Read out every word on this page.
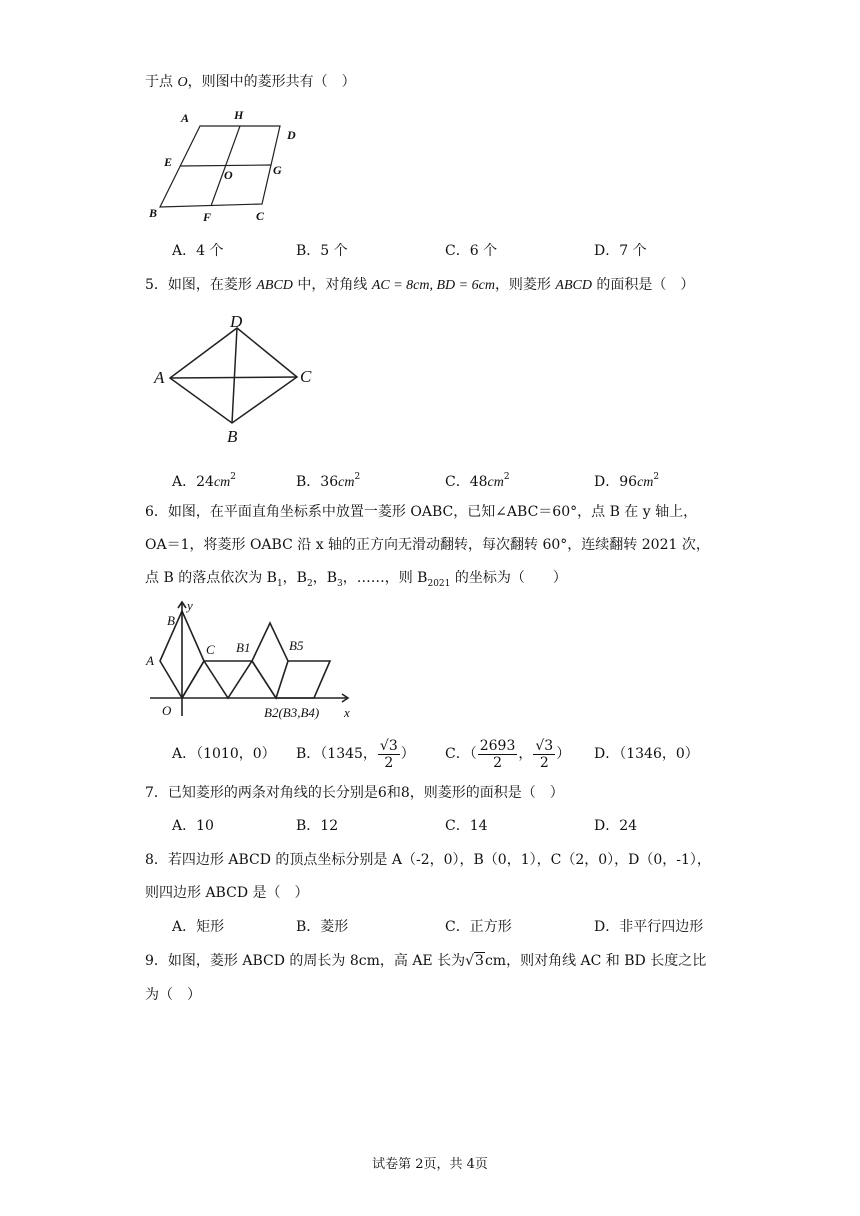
于点 O，则图中的菱形共有（　）
A	H
D
E
O	G
B	F	C
A．4 个	B．5 个	C．6 个	D．7 个
5．如图，在菱形 ABCD 中，对角线 AC = 8cm, BD = 6cm，则菱形 ABCD 的面积是（　）
D
A	C
B
A．$24cm^2$	B．$36cm^2$	C．$48cm^2$	D．$96cm^2$
6．如图，在平面直角坐标系中放置一菱形 OABC，已知∠ABC＝60°，点 B 在 y 轴上，
OA＝1，将菱形 OABC 沿 x 轴的正方向无滑动翻转，每次翻转 60°，连续翻转 2021 次，
点 B 的落点依次为 $B_1$，$B_2$，$B_3$，……，则 $B_{2021}$ 的坐标为（　　）
y
x
B
A
C
O
B1	B5
B2(B3,B4)
A．（1010，0） B．（1345， $\frac{√3}{2}$ ） C．（ $\frac{2693}{2}$ ， $\frac{√3}{2}$ ） D．（1346，0）
7．已知菱形的两条对角线的长分别是6和8，则菱形的面积是（　）
A．10	B．12	C．14	D．24
8．若四边形 ABCD 的顶点坐标分别是 A（-2，0），B（0，1），C（2，0），D（0，-1），
则四边形 ABCD 是（　）
A．矩形	B．菱形	C．正方形	D．非平行四边形
9．如图，菱形 ABCD 的周长为 8cm，高 AE 长为√3cm，则对角线 AC 和 BD 长度之比
为（　）
试卷第 2页，共 4页
